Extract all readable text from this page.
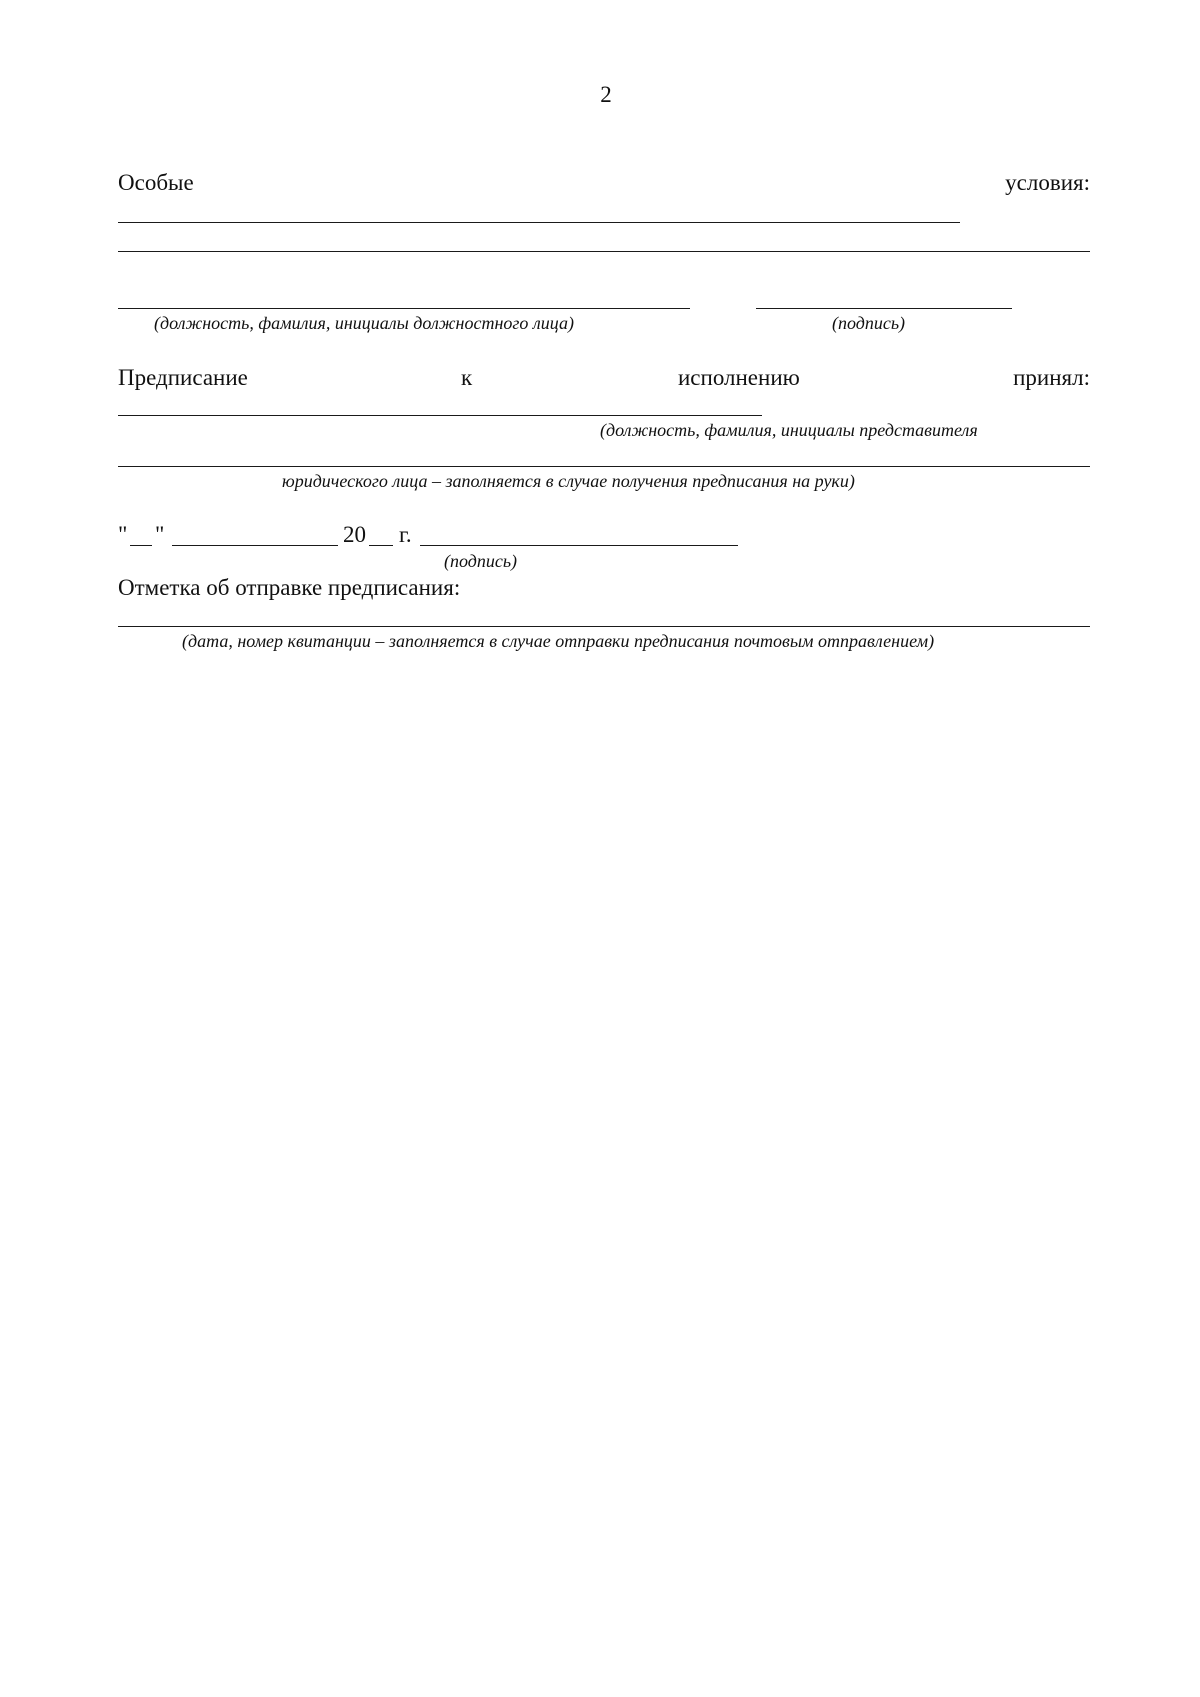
2
Особые	условия:
(должность, фамилия, инициалы должностного лица)	(подпись)
Предписание	к	исполнению	принял:
(должность, фамилия, инициалы представителя
юридического лица – заполняется в случае получения предписания на руки)
" "	20 г.
(подпись)
Отметка об отправке предписания:
(дата, номер квитанции – заполняется в случае отправки предписания почтовым отправлением)
